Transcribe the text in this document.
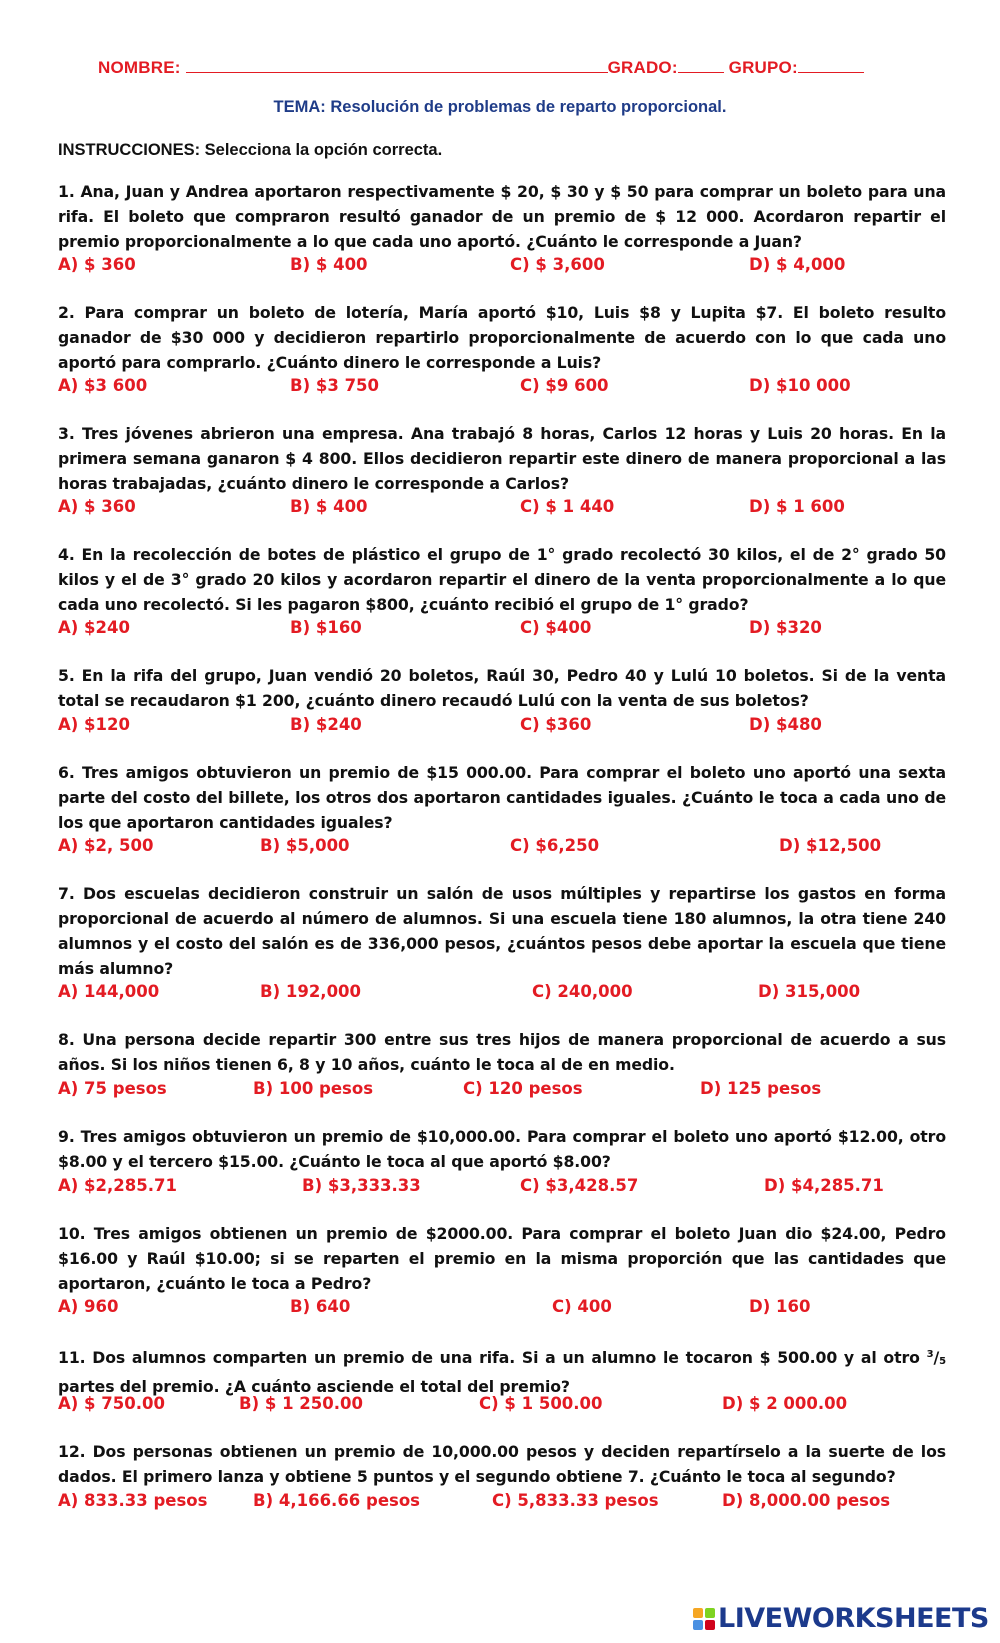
NOMBRE:	GRADO:	GRUPO:
TEMA: Resolución de problemas de reparto proporcional.
INSTRUCCIONES: Selecciona la opción correcta.
1. Ana, Juan y Andrea aportaron respectivamente $ 20, $ 30 y $ 50 para comprar un boleto para una rifa. El boleto que compraron resultó ganador de un premio de $ 12 000. Acordaron repartir el premio proporcionalmente a lo que cada uno aportó. ¿Cuánto le corresponde a Juan?
A) $ 360	B) $ 400	C) $ 3,600	D) $ 4,000
2. Para comprar un boleto de lotería, María aportó $10, Luis $8 y Lupita $7. El boleto resulto ganador de $30 000 y decidieron repartirlo proporcionalmente de acuerdo con lo que cada uno aportó para comprarlo. ¿Cuánto dinero le corresponde a Luis?
A) $3 600	B) $3 750	C) $9 600	D) $10 000
3. Tres jóvenes abrieron una empresa. Ana trabajó 8 horas, Carlos 12 horas y Luis 20 horas. En la primera semana ganaron $ 4 800. Ellos decidieron repartir este dinero de manera proporcional a las horas trabajadas, ¿cuánto dinero le corresponde a Carlos?
A) $ 360	B) $ 400	C) $ 1 440	D) $ 1 600
4. En la recolección de botes de plástico el grupo de 1° grado recolectó 30 kilos, el de 2° grado 50 kilos y el de 3° grado 20 kilos y acordaron repartir el dinero de la venta proporcionalmente a lo que cada uno recolectó. Si les pagaron $800, ¿cuánto recibió el grupo de 1° grado?
A) $240	B) $160	C) $400	D) $320
5. En la rifa del grupo, Juan vendió 20 boletos, Raúl 30, Pedro 40 y Lulú 10 boletos. Si de la venta total se recaudaron $1 200, ¿cuánto dinero recaudó Lulú con la venta de sus boletos?
A) $120	B) $240	C) $360	D) $480
6. Tres amigos obtuvieron un premio de $15 000.00. Para comprar el boleto uno aportó una sexta parte del costo del billete, los otros dos aportaron cantidades iguales. ¿Cuánto le toca a cada uno de los que aportaron cantidades iguales?
A) $2, 500	B) $5,000	C) $6,250	D) $12,500
7. Dos escuelas decidieron construir un salón de usos múltiples y repartirse los gastos en forma proporcional de acuerdo al número de alumnos. Si una escuela tiene 180 alumnos, la otra tiene 240 alumnos y el costo del salón es de 336,000 pesos, ¿cuántos pesos debe aportar la escuela que tiene más alumno?
A) 144,000	B) 192,000	C) 240,000	D) 315,000
8. Una persona decide repartir 300 entre sus tres hijos de manera proporcional de acuerdo a sus años. Si los niños tienen 6, 8 y 10 años, cuánto le toca al de en medio.
A) 75 pesos	B) 100 pesos	C) 120 pesos	D) 125 pesos
9. Tres amigos obtuvieron un premio de $10,000.00. Para comprar el boleto uno aportó $12.00, otro $8.00 y el tercero $15.00. ¿Cuánto le toca al que aportó $8.00?
A) $2,285.71	B) $3,333.33	C) $3,428.57	D) $4,285.71
10. Tres amigos obtienen un premio de $2000.00. Para comprar el boleto Juan dio $24.00, Pedro $16.00 y Raúl $10.00; si se reparten el premio en la misma proporción que las cantidades que aportaron, ¿cuánto le toca a Pedro?
A) 960	B) 640	C) 400	D) 160
11. Dos alumnos comparten un premio de una rifa. Si a un alumno le tocaron $ 500.00 y al otro $^3/_5$ partes del premio. ¿A cuánto asciende el total del premio?
A) $ 750.00	B) $ 1 250.00	C) $ 1 500.00	D) $ 2 000.00
12. Dos personas obtienen un premio de 10,000.00 pesos y deciden repartírselo a la suerte de los dados. El primero lanza y obtiene 5 puntos y el segundo obtiene 7. ¿Cuánto le toca al segundo?
A) 833.33 pesos	B) 4,166.66 pesos	C) 5,833.33 pesos	D) 8,000.00 pesos
LIVEWORKSHEETS
